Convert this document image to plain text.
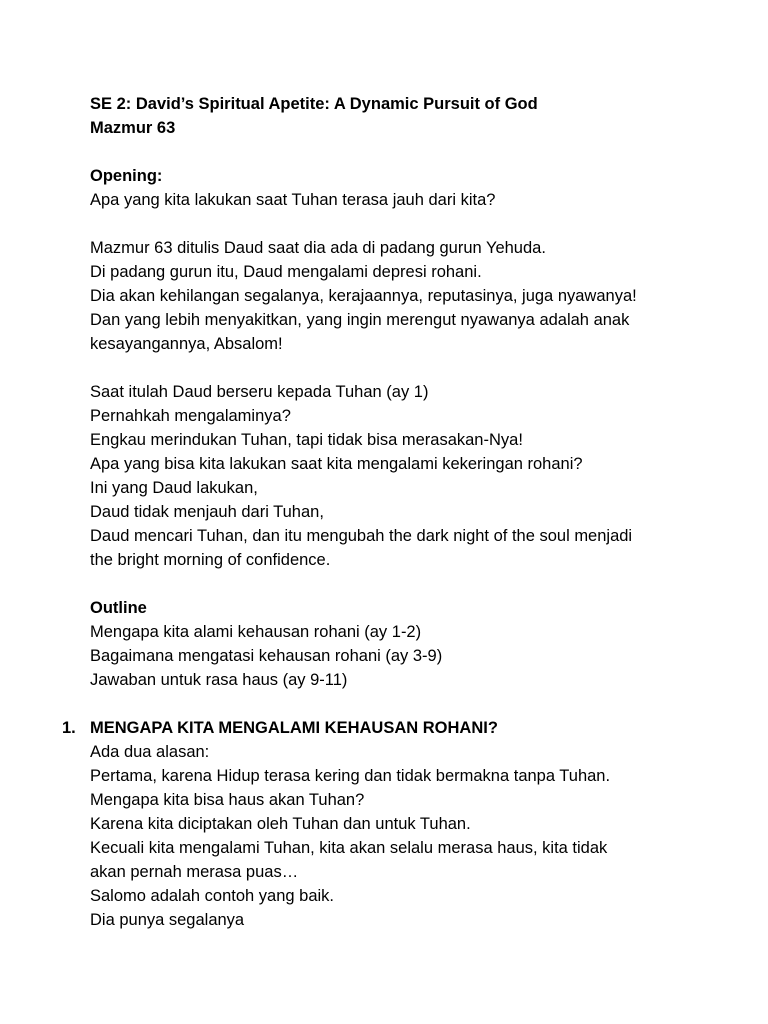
SE 2: David’s Spiritual Apetite: A Dynamic Pursuit of God
Mazmur 63
Opening:
Apa yang kita lakukan saat Tuhan terasa jauh dari kita?
Mazmur 63 ditulis Daud saat dia ada di padang gurun Yehuda.
Di padang gurun itu, Daud mengalami depresi rohani.
Dia akan kehilangan segalanya, kerajaannya, reputasinya, juga nyawanya!
Dan yang lebih menyakitkan, yang ingin merengut nyawanya adalah anak
kesayangannya, Absalom!
Saat itulah Daud berseru kepada Tuhan (ay 1)
Pernahkah mengalaminya?
Engkau merindukan Tuhan, tapi tidak bisa merasakan-Nya!
Apa yang bisa kita lakukan saat kita mengalami kekeringan rohani?
Ini yang Daud lakukan,
Daud tidak menjauh dari Tuhan,
Daud mencari Tuhan, dan itu mengubah the dark night of the soul menjadi
the bright morning of confidence.
Outline
Mengapa kita alami kehausan rohani (ay 1-2)
Bagaimana mengatasi kehausan rohani (ay 3-9)
Jawaban untuk rasa haus (ay 9-11)
1. MENGAPA KITA MENGALAMI KEHAUSAN ROHANI?
Ada dua alasan:
Pertama, karena Hidup terasa kering dan tidak bermakna tanpa Tuhan.
Mengapa kita bisa haus akan Tuhan?
Karena kita diciptakan oleh Tuhan dan untuk Tuhan.
Kecuali kita mengalami Tuhan, kita akan selalu merasa haus, kita tidak
akan pernah merasa puas…
Salomo adalah contoh yang baik.
Dia punya segalanya
